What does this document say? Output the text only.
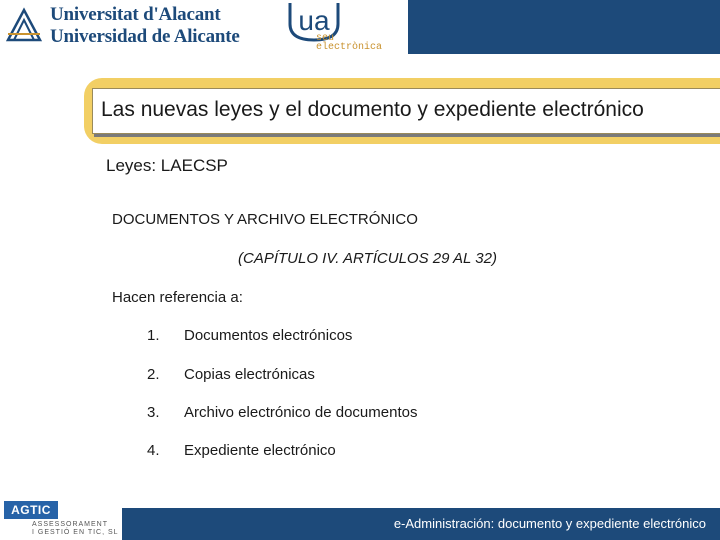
Universitat d'Alacant
Universidad de Alicante
ua
seu
electrònica
Las nuevas leyes y el documento y expediente electrónico
Leyes: LAECSP
DOCUMENTOS Y ARCHIVO ELECTRÓNICO
(CAPÍTULO IV. ARTÍCULOS 29 AL 32)
Hacen referencia a:
1. Documentos electrónicos
2. Copias electrónicas
3. Archivo electrónico de documentos
4. Expediente electrónico
AGTIC
ASSESSORAMENT
I GESTIÓ EN TIC, SL
e-Administración: documento y expediente electrónico
